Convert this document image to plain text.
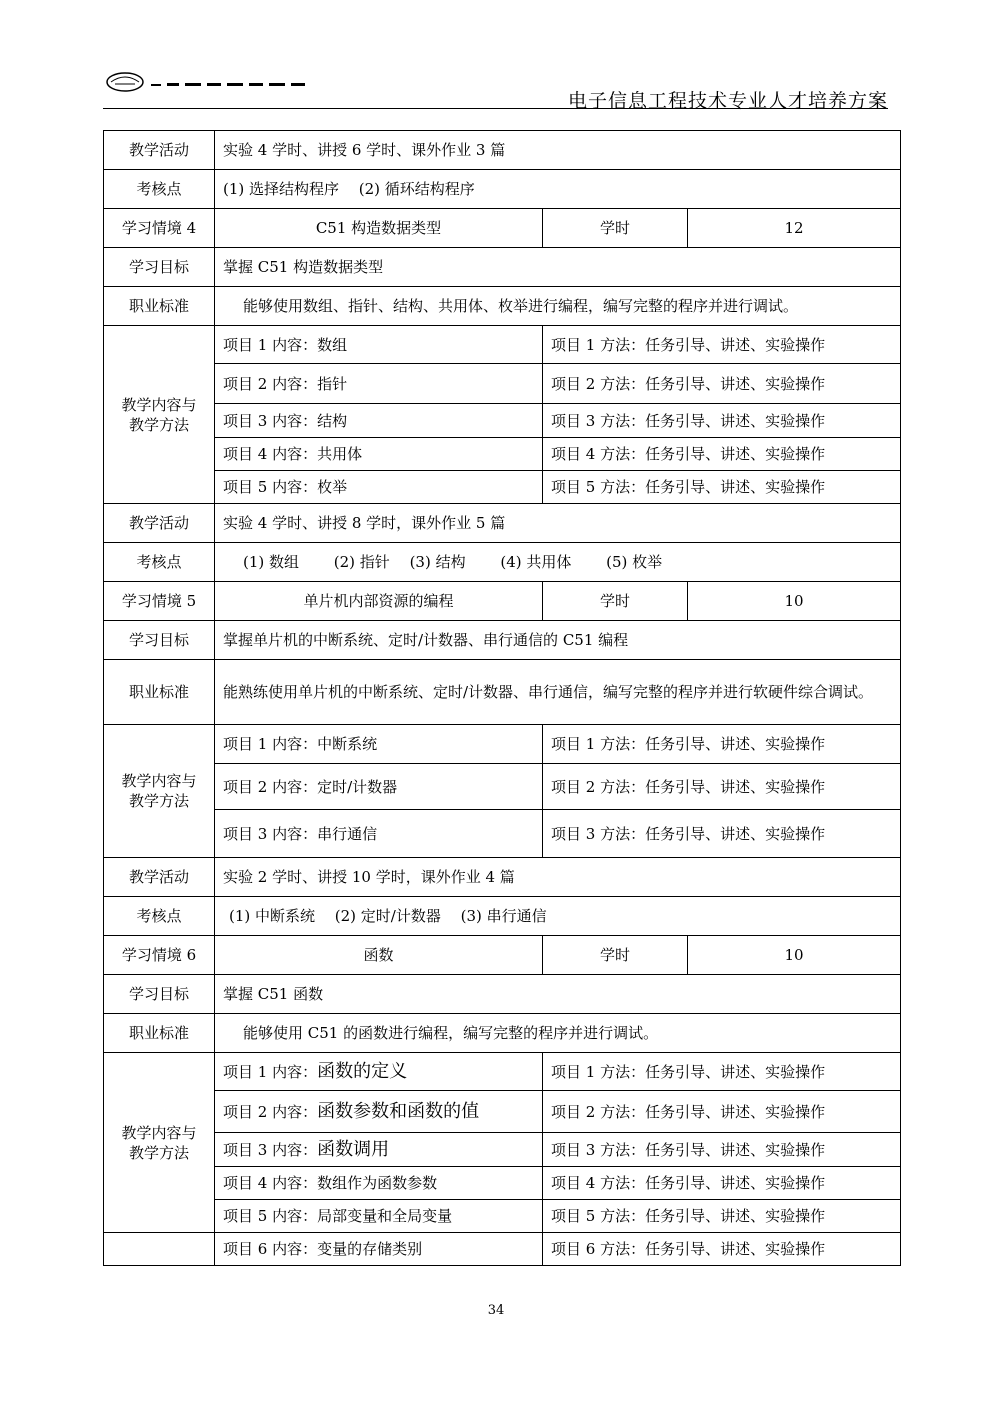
电子信息工程技术专业人才培养方案
教学活动	实验 4 学时、讲授 6 学时、课外作业 3 篇		
考核点	(1) 选择结构程序　 (2) 循环结构程序		
学习情境 4	C51 构造数据类型	学时	12
学习目标	掌握 C51 构造数据类型		
职业标准	能够使用数组、指针、结构、共用体、枚举进行编程，编写完整的程序并进行调试。		
教学内容与
教学方法	项目 1 内容：数组	项目 1 方法：任务引导、讲述、实验操作	
	项目 2 内容：指针	项目 2 方法：任务引导、讲述、实验操作	
	项目 3 内容：结构	项目 3 方法：任务引导、讲述、实验操作	
	项目 4 内容：共用体	项目 4 方法：任务引导、讲述、实验操作	
	项目 5 内容：枚举	项目 5 方法：任务引导、讲述、实验操作	
教学活动	实验 4 学时、讲授 8 学时，课外作业 5 篇		
考核点	(1) 数组　　 (2) 指针　 (3) 结构　　 (4) 共用体　　 (5) 枚举		
学习情境 5	单片机内部资源的编程	学时	10
学习目标	掌握单片机的中断系统、定时/计数器、串行通信的 C51 编程		
职业标准	能熟练使用单片机的中断系统、定时/计数器、串行通信，编写完整的程序并进行软硬件综合调试。		
教学内容与
教学方法	项目 1 内容：中断系统	项目 1 方法：任务引导、讲述、实验操作	
	项目 2 内容：定时/计数器	项目 2 方法：任务引导、讲述、实验操作	
	项目 3 内容：串行通信	项目 3 方法：任务引导、讲述、实验操作	
教学活动	实验 2 学时、讲授 10 学时，课外作业 4 篇		
考核点	(1) 中断系统　 (2) 定时/计数器　 (3) 串行通信		
学习情境 6	函数	学时	10
学习目标	掌握 C51 函数		
职业标准	能够使用 C51 的函数进行编程，编写完整的程序并进行调试。		
教学内容与
教学方法	项目 1 内容：函数的定义	项目 1 方法：任务引导、讲述、实验操作	
	项目 2 内容：函数参数和函数的值	项目 2 方法：任务引导、讲述、实验操作	
	项目 3 内容：函数调用	项目 3 方法：任务引导、讲述、实验操作	
	项目 4 内容：数组作为函数参数	项目 4 方法：任务引导、讲述、实验操作	
	项目 5 内容：局部变量和全局变量	项目 5 方法：任务引导、讲述、实验操作	
	项目 6 内容：变量的存储类别	项目 6 方法：任务引导、讲述、实验操作	
34
